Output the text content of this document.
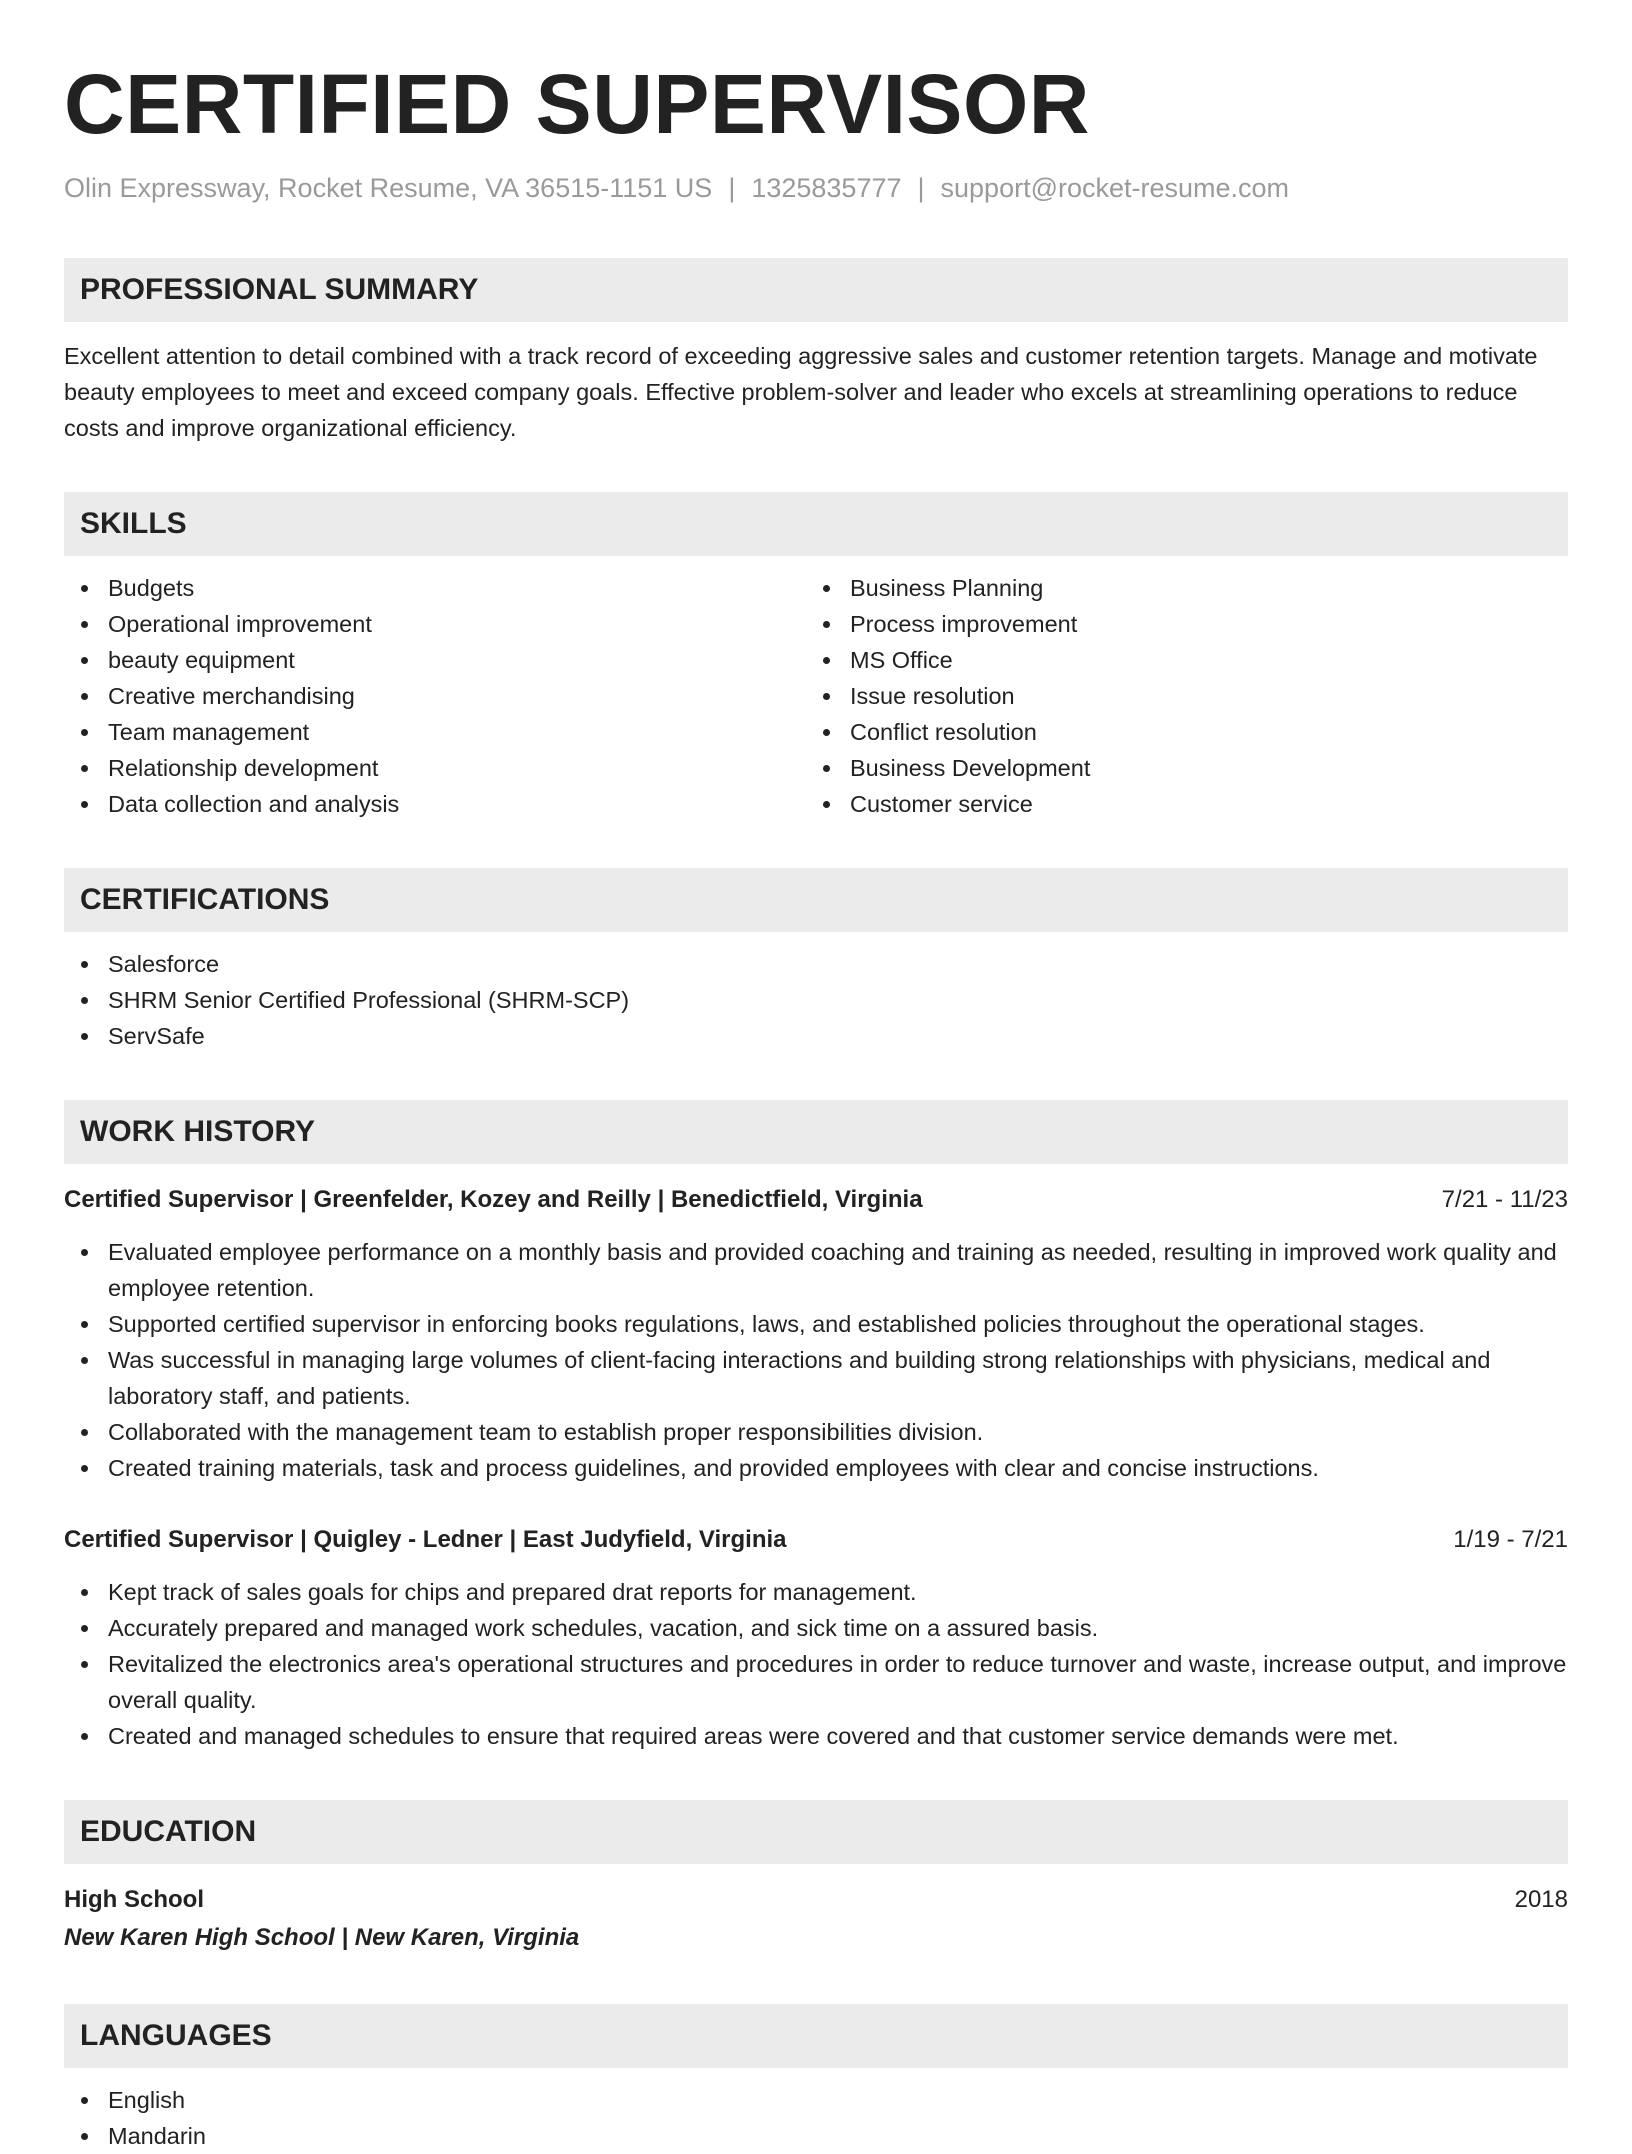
CERTIFIED SUPERVISOR
Olin Expressway, Rocket Resume, VA 36515-1151 US | 1325835777 | support@rocket-resume.com
PROFESSIONAL SUMMARY
Excellent attention to detail combined with a track record of exceeding aggressive sales and customer retention targets. Manage and motivate beauty employees to meet and exceed company goals. Effective problem-solver and leader who excels at streamlining operations to reduce costs and improve organizational efficiency.
SKILLS
Budgets
Operational improvement
beauty equipment
Creative merchandising
Team management
Relationship development
Data collection and analysis
Business Planning
Process improvement
MS Office
Issue resolution
Conflict resolution
Business Development
Customer service
CERTIFICATIONS
Salesforce
SHRM Senior Certified Professional (SHRM-SCP)
ServSafe
WORK HISTORY
Certified Supervisor | Greenfelder, Kozey and Reilly | Benedictfield, Virginia	7/21 - 11/23
Evaluated employee performance on a monthly basis and provided coaching and training as needed, resulting in improved work quality and employee retention.
Supported certified supervisor in enforcing books regulations, laws, and established policies throughout the operational stages.
Was successful in managing large volumes of client-facing interactions and building strong relationships with physicians, medical and laboratory staff, and patients.
Collaborated with the management team to establish proper responsibilities division.
Created training materials, task and process guidelines, and provided employees with clear and concise instructions.
Certified Supervisor | Quigley - Ledner | East Judyfield, Virginia	1/19 - 7/21
Kept track of sales goals for chips and prepared drat reports for management.
Accurately prepared and managed work schedules, vacation, and sick time on a assured basis.
Revitalized the electronics area's operational structures and procedures in order to reduce turnover and waste, increase output, and improve overall quality.
Created and managed schedules to ensure that required areas were covered and that customer service demands were met.
EDUCATION
High School	2018
New Karen High School | New Karen, Virginia
LANGUAGES
English
Mandarin
